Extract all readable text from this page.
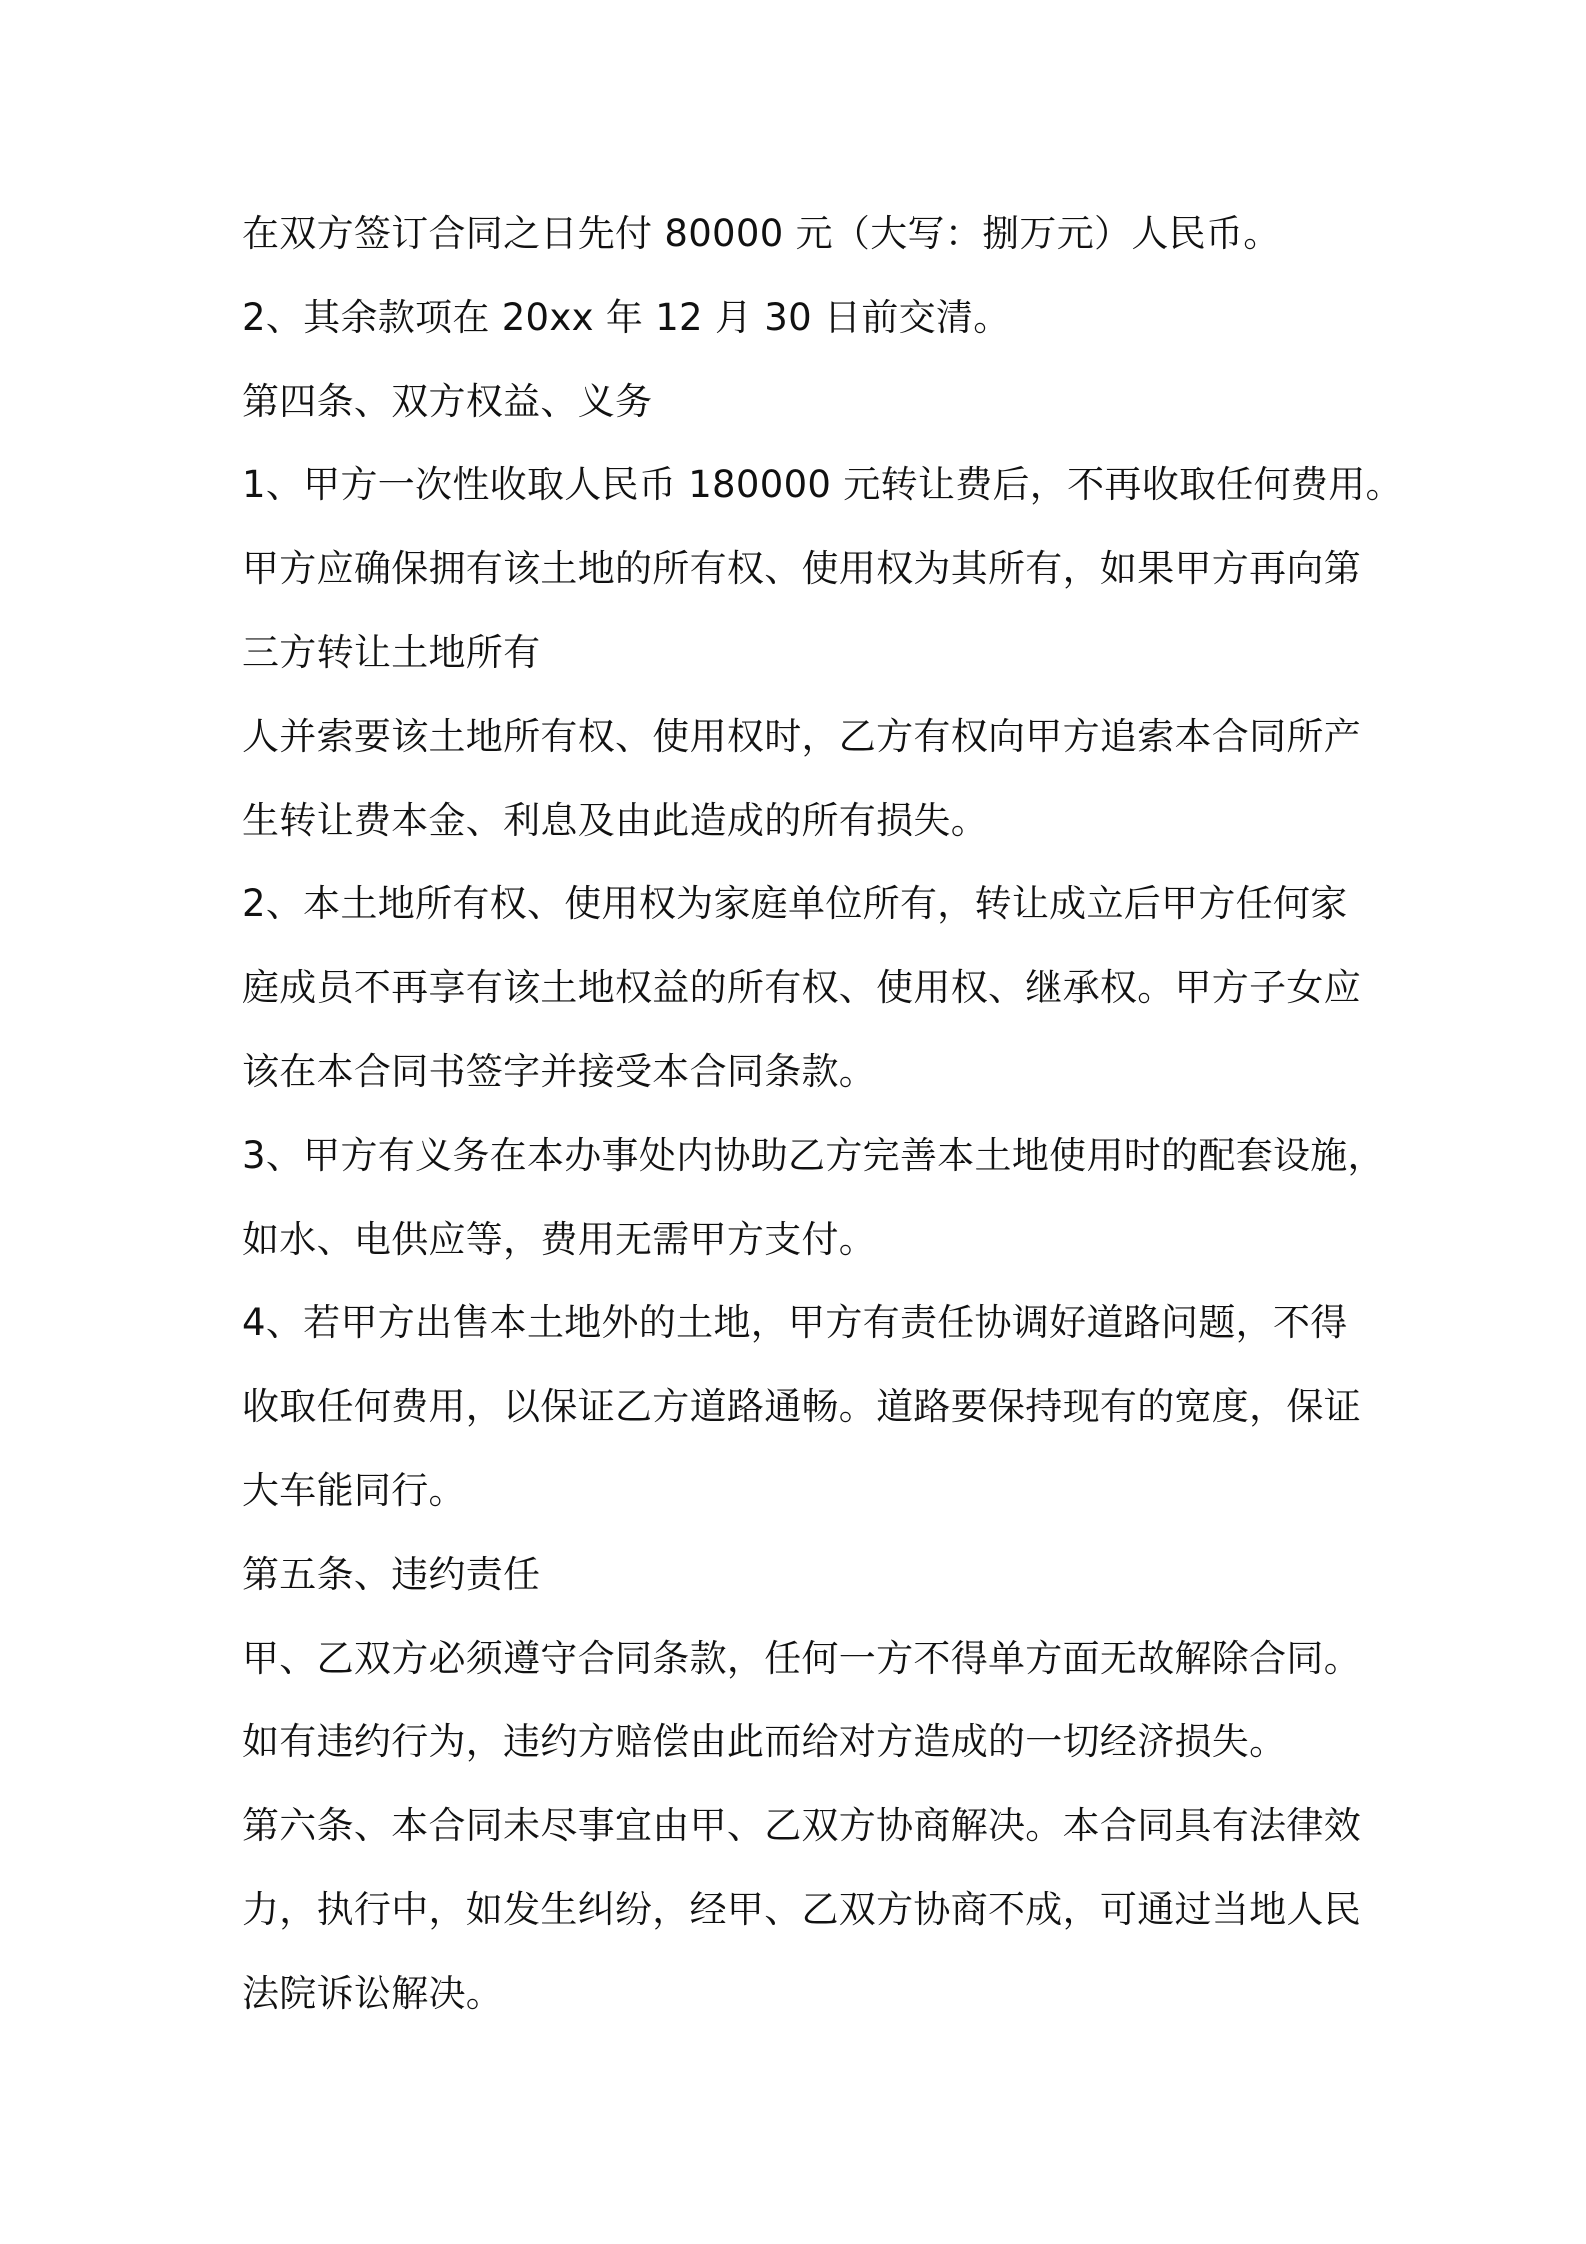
在双方签订合同之日先付 80000 元（大写：捌万元）人民币。
2、其余款项在 20xx 年 12 月 30 日前交清。
第四条、双方权益、义务
1、甲方一次性收取人民币 180000 元转让费后，不再收取任何费用。
甲方应确保拥有该土地的所有权、使用权为其所有，如果甲方再向第
三方转让土地所有
人并索要该土地所有权、使用权时，乙方有权向甲方追索本合同所产
生转让费本金、利息及由此造成的所有损失。
2、本土地所有权、使用权为家庭单位所有，转让成立后甲方任何家
庭成员不再享有该土地权益的所有权、使用权、继承权。甲方子女应
该在本合同书签字并接受本合同条款。
3、甲方有义务在本办事处内协助乙方完善本土地使用时的配套设施，
如水、电供应等，费用无需甲方支付。
4、若甲方出售本土地外的土地，甲方有责任协调好道路问题，不得
收取任何费用，以保证乙方道路通畅。道路要保持现有的宽度，保证
大车能同行。
第五条、违约责任
甲、乙双方必须遵守合同条款，任何一方不得单方面无故解除合同。
如有违约行为，违约方赔偿由此而给对方造成的一切经济损失。
第六条、本合同未尽事宜由甲、乙双方协商解决。本合同具有法律效
力，执行中，如发生纠纷，经甲、乙双方协商不成，可通过当地人民
法院诉讼解决。
